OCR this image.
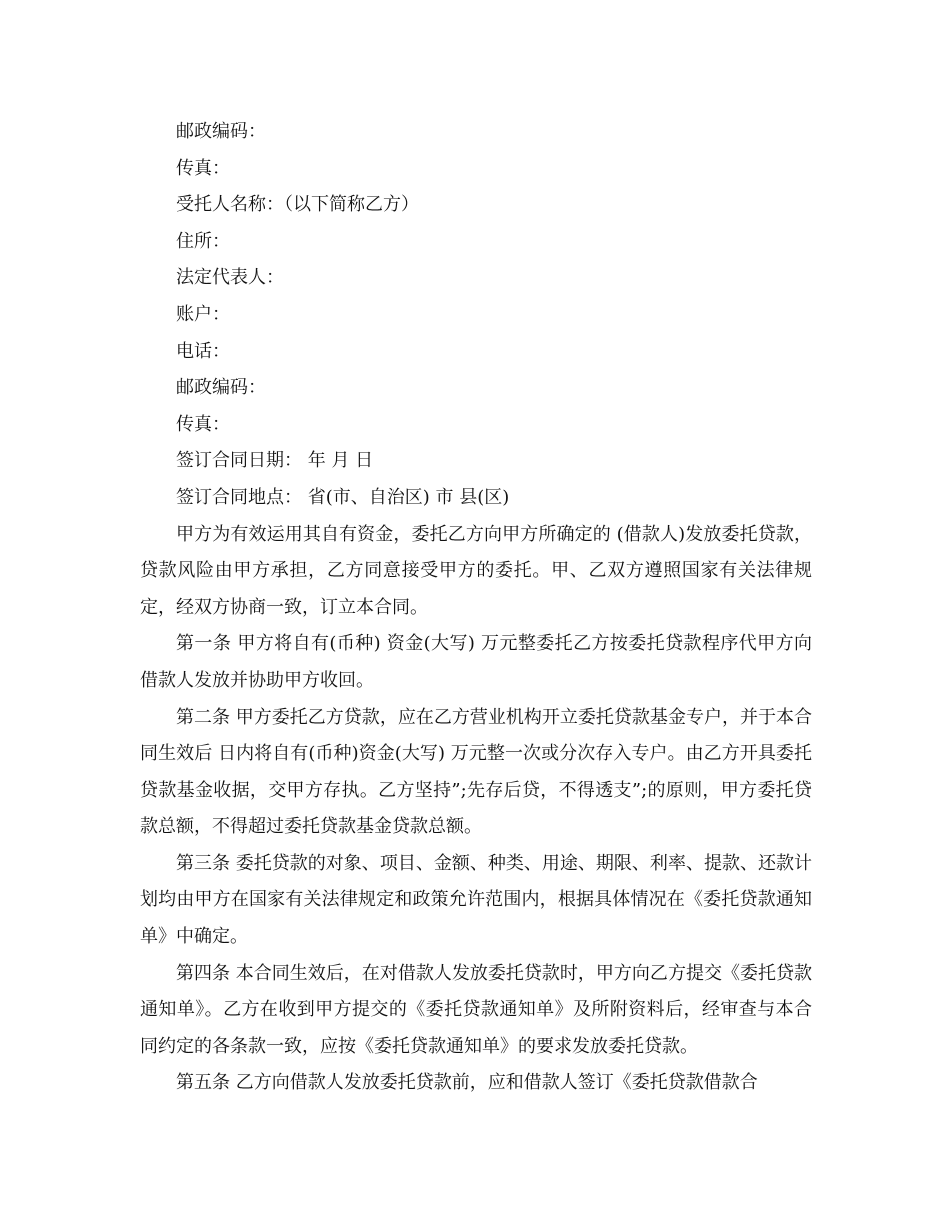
邮政编码：

传真：

受托人名称：（以下简称乙方）

住所：

法定代表人：

账户：

电话：

邮政编码：

传真：

签订合同日期： 年 月 日

签订合同地点： 省(市、自治区) 市 县(区)

甲方为有效运用其自有资金，委托乙方向甲方所确定的 (借款人)发放委托贷款，贷款风险由甲方承担，乙方同意接受甲方的委托。甲、乙双方遵照国家有关法律规定，经双方协商一致，订立本合同。

第一条 甲方将自有(币种) 资金(大写) 万元整委托乙方按委托贷款程序代甲方向借款人发放并协助甲方收回。

第二条 甲方委托乙方贷款，应在乙方营业机构开立委托贷款基金专户，并于本合同生效后 日内将自有(币种)资金(大写) 万元整一次或分次存入专户。由乙方开具委托贷款基金收据，交甲方存执。乙方坚持”;先存后贷，不得透支”;的原则，甲方委托贷款总额，不得超过委托贷款基金贷款总额。

第三条 委托贷款的对象、项目、金额、种类、用途、期限、利率、提款、还款计划均由甲方在国家有关法律规定和政策允许范围内，根据具体情况在《委托贷款通知单》中确定。

第四条 本合同生效后，在对借款人发放委托贷款时，甲方向乙方提交《委托贷款通知单》。乙方在收到甲方提交的《委托贷款通知单》及所附资料后，经审查与本合同约定的各条款一致，应按《委托贷款通知单》的要求发放委托贷款。

第五条 乙方向借款人发放委托贷款前，应和借款人签订《委托贷款借款合
